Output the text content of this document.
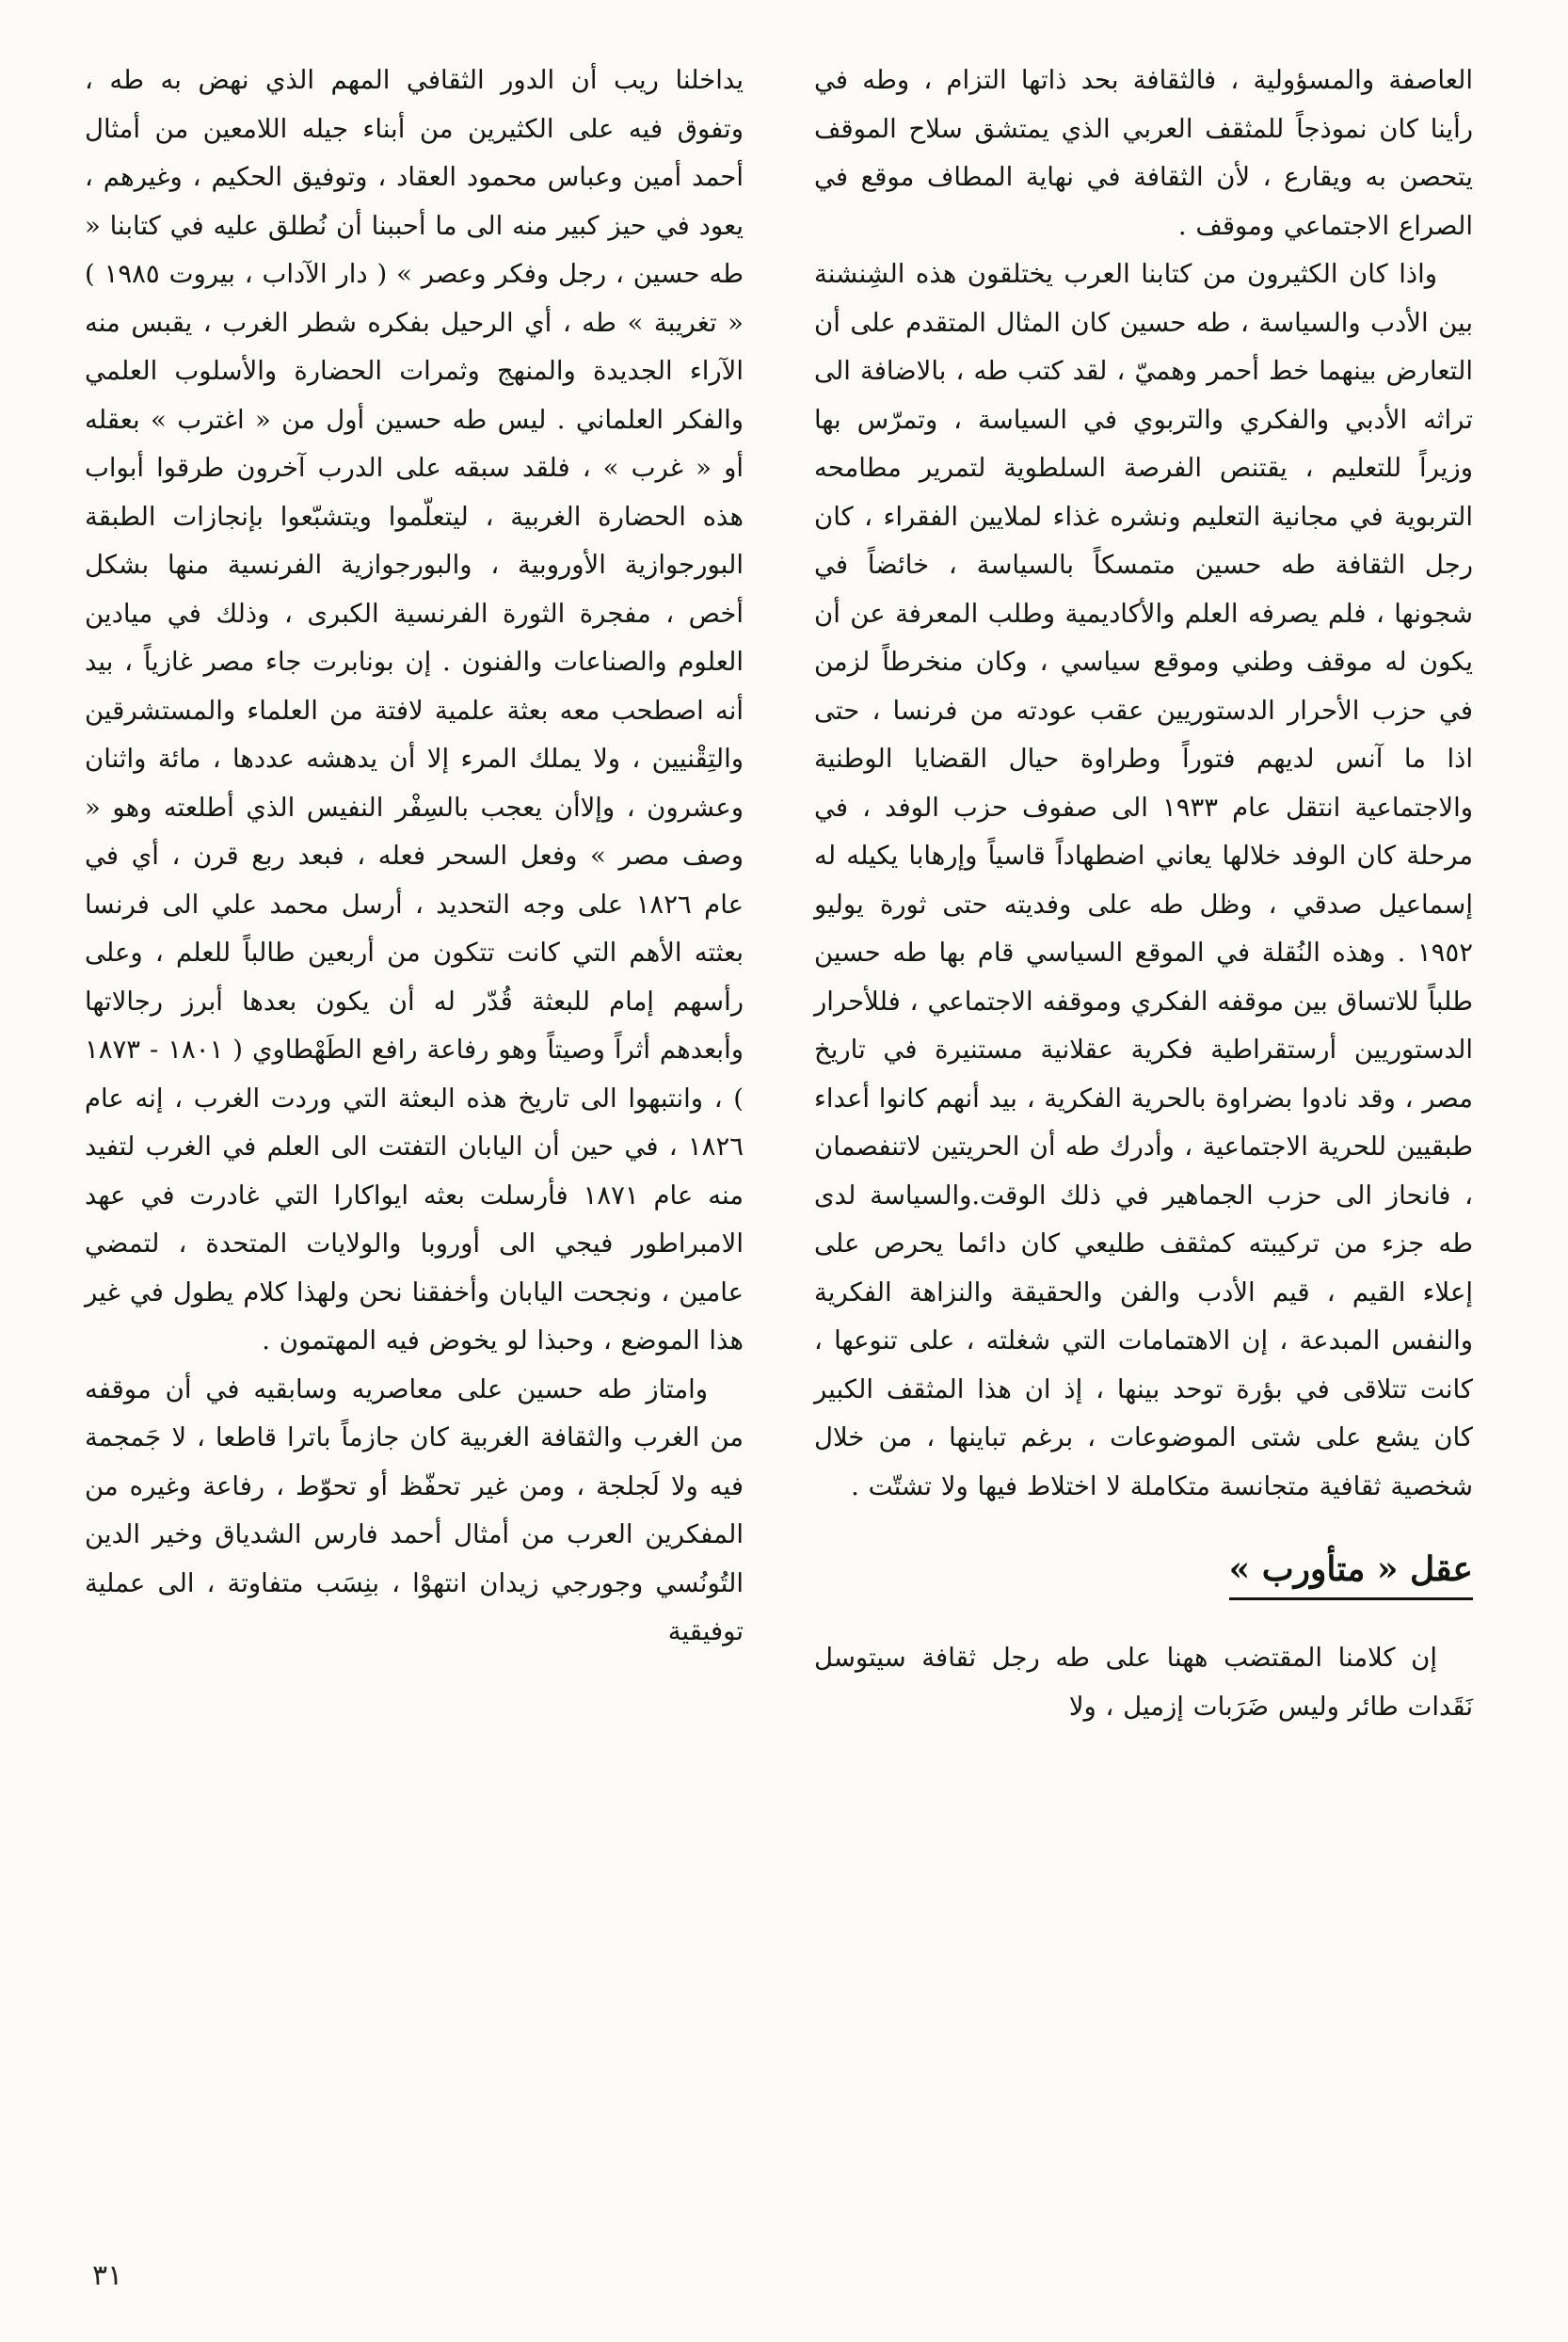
العاصفة والمسؤولية ، فالثقافة بحد ذاتها التزام ، وطه في رأينا كان نموذجاً للمثقف العربي الذي يمتشق سلاح الموقف يتحصن به ويقارع ، لأن الثقافة في نهاية المطاف موقع في الصراع الاجتماعي وموقف .

واذا كان الكثيرون من كتابنا العرب يختلقون هذه الشِنشنة بين الأدب والسياسة ، طه حسين كان المثال المتقدم على أن التعارض بينهما خط أحمر وهميّ ، لقد كتب طه ، بالاضافة الى تراثه الأدبي والفكري والتربوي في السياسة ، وتمرّس بها وزيراً للتعليم ، يقتنص الفرصة السلطوية لتمرير مطامحه التربوية في مجانية التعليم ونشره غذاء لملايين الفقراء ، كان رجل الثقافة طه حسين متمسكاً بالسياسة ، خائضاً في شجونها ، فلم يصرفه العلم والأكاديمية وطلب المعرفة عن أن يكون له موقف وطني وموقع سياسي ، وكان منخرطاً لزمن في حزب الأحرار الدستوريين عقب عودته من فرنسا ، حتى اذا ما آنس لديهم فتوراً وطراوة حيال القضايا الوطنية والاجتماعية انتقل عام ١٩٣٣ الى صفوف حزب الوفد ، في مرحلة كان الوفد خلالها يعاني اضطهاداً قاسياً وإرهابا يكيله له إسماعيل صدقي ، وظل طه على وفديته حتى ثورة يوليو ١٩٥٢ . وهذه النُقلة في الموقع السياسي قام بها طه حسين طلباً للاتساق بين موقفه الفكري وموقفه الاجتماعي ، فللأحرار الدستوريين أرستقراطية فكرية عقلانية مستنيرة في تاريخ مصر ، وقد نادوا بضراوة بالحرية الفكرية ، بيد أنهم كانوا أعداء طبقيين للحرية الاجتماعية ، وأدرك طه أن الحريتين لاتنفصمان ، فانحاز الى حزب الجماهير في ذلك الوقت.والسياسة لدى طه جزء من تركيبته كمثقف طليعي كان دائما يحرص على إعلاء القيم ، قيم الأدب والفن والحقيقة والنزاهة الفكرية والنفس المبدعة ، إن الاهتمامات التي شغلته ، على تنوعها ، كانت تتلاقى في بؤرة توحد بينها ، إذ ان هذا المثقف الكبير كان يشع على شتى الموضوعات ، برغم تباينها ، من خلال شخصية ثقافية متجانسة متكاملة لا اختلاط فيها ولا تشتّت .

عقل « متأورب »

إن كلامنا المقتضب ههنا على طه رجل ثقافة سيتوسل نَقَدات طائر وليس ضَرَبات إزميل ، ولا

يداخلنا ريب أن الدور الثقافي المهم الذي نهض به طه ، وتفوق فيه على الكثيرين من أبناء جيله اللامعين من أمثال أحمد أمين وعباس محمود العقاد ، وتوفيق الحكيم ، وغيرهم ، يعود في حيز كبير منه الى ما أحببنا أن نُطلق عليه في كتابنا « طه حسين ، رجل وفكر وعصر » ( دار الآداب ، بيروت ١٩٨٥ ) « تغريبة » طه ، أي الرحيل بفكره شطر الغرب ، يقبس منه الآراء الجديدة والمنهج وثمرات الحضارة والأسلوب العلمي والفكر العلماني . ليس طه حسين أول من « اغترب » بعقله أو « غرب » ، فلقد سبقه على الدرب آخرون طرقوا أبواب هذه الحضارة الغربية ، ليتعلّموا ويتشبّعوا بإنجازات الطبقة البورجوازية الأوروبية ، والبورجوازية الفرنسية منها بشكل أخص ، مفجرة الثورة الفرنسية الكبرى ، وذلك في ميادين العلوم والصناعات والفنون . إن بونابرت جاء مصر غازياً ، بيد أنه اصطحب معه بعثة علمية لافتة من العلماء والمستشرقين والتِقْنيين ، ولا يملك المرء إلا أن يدهشه عددها ، مائة واثنان وعشرون ، وإلاأن يعجب بالسِفْر النفيس الذي أطلعته وهو « وصف مصر » وفعل السحر فعله ، فبعد ربع قرن ، أي في عام ١٨٢٦ على وجه التحديد ، أرسل محمد علي الى فرنسا بعثته الأهم التي كانت تتكون من أربعين طالباً للعلم ، وعلى رأسهم إمام للبعثة قُدّر له أن يكون بعدها أبرز رجالاتها وأبعدهم أثراً وصيتاً وهو رفاعة رافع الطَهْطاوي ( ١٨٠١ - ١٨٧٣ ) ، وانتبهوا الى تاريخ هذه البعثة التي وردت الغرب ، إنه عام ١٨٢٦ ، في حين أن اليابان التفتت الى العلم في الغرب لتفيد منه عام ١٨٧١ فأرسلت بعثه ايواكارا التي غادرت في عهد الامبراطور فيجي الى أوروبا والولايات المتحدة ، لتمضي عامين ، ونجحت اليابان وأخفقنا نحن ولهذا كلام يطول في غير هذا الموضع ، وحبذا لو يخوض فيه المهتمون .

وامتاز طه حسين على معاصريه وسابقيه في أن موقفه من الغرب والثقافة الغربية كان جازماً باترا قاطعا ، لا جَمجمة فيه ولا لَجلجة ، ومن غير تحفّظ أو تحوّط ، رفاعة وغيره من المفكرين العرب من أمثال أحمد فارس الشدياق وخير الدين التُونُسي وجورجي زيدان انتهوْا ، بنِسَب متفاوتة ، الى عملية توفيقية

٣١
